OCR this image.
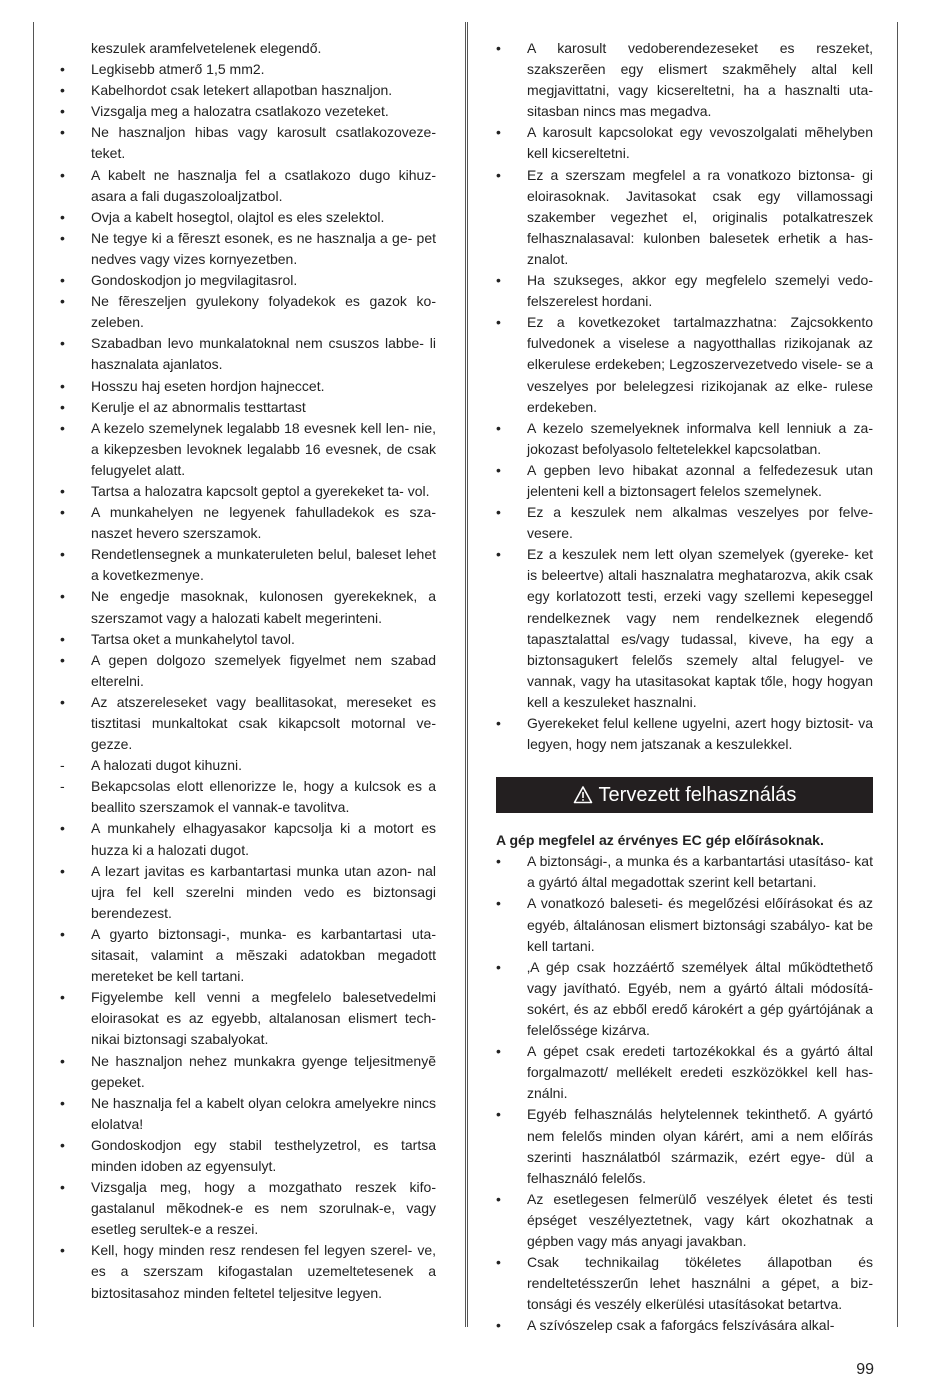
keszulek aramfelvetelenek elegendő.
• Legkisebb atmerő 1,5 mm2.
• Kabelhordot csak letekert allapotban hasznaljon.
• Vizsgalja meg a halozatra csatlakozo vezeteket.
• Ne hasznaljon hibas vagy karosult csatlakozoveze- teket.
• A kabelt ne hasznalja fel a csatlakozo dugo kihuz- asara a fali dugaszoloaljzatbol.
• Ovja a kabelt hosegtol, olajtol es eles szelektol.
• Ne tegye ki a fẽreszt esonek, es ne hasznalja a ge- pet nedves vagy vizes kornyezetben.
• Gondoskodjon jo megvilagitasrol.
• Ne fẽreszeljen gyulekony folyadekok es gazok ko- zeleben.
• Szabadban levo munkalatoknal nem csuszos labbe- li hasznalata ajanlatos.
• Hosszu haj eseten hordjon hajneccet.
• Kerulje el az abnormalis testtartast
• A kezelo szemelynek legalabb 18 evesnek kell len- nie, a kikepzesben levoknek legalabb 16 evesnek, de csak felugyelet alatt.
• Tartsa a halozatra kapcsolt geptol a gyerekeket ta- vol.
• A munkahelyen ne legyenek fahulladekok es sza- naszet hevero szerszamok.
• Rendetlensegnek a munkateruleten belul, baleset lehet a kovetkezmenye.
• Ne engedje masoknak, kulonosen gyerekeknek, a szerszamot vagy a halozati kabelt megerinteni.
• Tartsa oket a munkahelytol tavol.
• A gepen dolgozo szemelyek figyelmet nem szabad elterelni.
• Az atszereleseket vagy beallitasokat, mereseket es tisztitasi munkaltokat csak kikapcsolt motornal ve- gezze.
- A halozati dugot kihuzni.
- Bekapcsolas elott ellenorizze le, hogy a kulcsok es a beallito szerszamok el vannak-e tavolitva.
• A munkahely elhagyasakor kapcsolja ki a motort es huzza ki a halozati dugot.
• A lezart javitas es karbantartasi munka utan azon- nal ujra fel kell szerelni minden vedo es biztonsagi berendezest.
• A gyarto biztonsagi-, munka- es karbantartasi uta- sitasait, valamint a mẽszaki adatokban megadott mereteket be kell tartani.
• Figyelembe kell venni a megfelelo balesetvedelmi eloirasokat es az egyebb, altalanosan elismert tech- nikai biztonsagi szabalyokat.
• Ne hasznaljon nehez munkakra gyenge teljesitmenyẽ gepeket.
• Ne hasznalja fel a kabelt olyan celokra amelyekre nincs elolatva!
• Gondoskodjon egy stabil testhelyzetrol, es tartsa minden idoben az egyensulyt.
• Vizsgalja meg, hogy a mozgathato reszek kifo- gastalanul mẽkodnek-e es nem szorulnak-e, vagy esetleg serultek-e a reszei.
• Kell, hogy minden resz rendesen fel legyen szerel- ve, es a szerszam kifogastalan uzemeltetesenek a biztositasahoz minden feltetel teljesitve legyen.
• A karosult vedoberendezeseket es reszeket, szakszerẽen egy elismert szakmẽhely altal kell megjavittatni, vagy kicsereltetni, ha a hasznalti uta- sitasban nincs mas megadva.
• A karosult kapcsolokat egy vevoszolgalati mẽhelyben kell kicsereltetni.
• Ez a szerszam megfelel a ra vonatkozo biztonsa- gi eloirasoknak. Javitasokat csak egy villamossagi szakember vegezhet el, originalis potalkatreszek felhasznalasaval: kulonben balesetek erhetik a has- znalot.
• Ha szukseges, akkor egy megfelelo szemelyi vedo- felszerelest hordani.
• Ez a kovetkezoket tartalmazzhatna: Zajcsokkento fulvedonek a viselese a nagyotthallas rizikojanak az elkerulese erdekeben; Legzoszervezetvedo visele- se a veszelyes por belelegzesi rizikojanak az elke- rulese erdekeben.
• A kezelo szemelyeknek informalva kell lenniuk a za- jokozast befolyasolo feltetelekkel kapcsolatban.
• A gepben levo hibakat azonnal a felfedezesuk utan jelenteni kell a biztonsagert felelos szemelynek.
• Ez a keszulek nem alkalmas veszelyes por felve- vesere.
• Ez a keszulek nem lett olyan szemelyek (gyereke- ket is beleertve) altali hasznalatra meghatarozva, akik csak egy korlatozott testi, erzeki vagy szellemi kepeseggel rendelkeznek vagy nem rendelkeznek elegendő tapasztalattal es/vagy tudassal, kiveve, ha egy a biztonsagukert felelős szemely altal felugyel- ve vannak, vagy ha utasitasokat kaptak tőle, hogy hogyan kell a keszuleket hasznalni.
• Gyerekeket felul kellene ugyelni, azert hogy biztosit- va legyen, hogy nem jatszanak a keszulekkel.
Tervezett felhasználás
A gép megfelel az érvényes EC gép előírásoknak.
• A biztonsági-, a munka és a karbantartási utasításo- kat a gyártó által megadottak szerint kell betartani.
• A vonatkozó baleseti- és megelőzési előírásokat és az egyéb, általánosan elismert biztonsági szabályo- kat be kell tartani.
• ‚A gép csak hozzáértő személyek által működtethető vagy javítható. Egyéb, nem a gyártó általi módosítá- sokért, és az ebből eredő károkért a gép gyártójának a felelőssége kizárva.
• A gépet csak eredeti tartozékokkal és a gyártó által forgalmazott/ mellékelt eredeti eszközökkel kell has-ználni.
• Egyéb felhasználás helytelennek tekinthető. A gyártó nem felelős minden olyan kárért, ami a nem előírás szerinti használatból származik, ezért egye- dül a felhasználó felelős.
• Az esetlegesen felmerülő veszélyek életet és testi épséget veszélyeztetnek, vagy kárt okozhatnak a gépben vagy más anyagi javakban.
• Csak technikailag tökéletes állapotban és rendeltetésszerűn lehet használni a gépet, a biz- tonsági és veszély elkerülési utasításokat betartva.
• A szívószelep csak a faforgács felszívására alkal-
99
